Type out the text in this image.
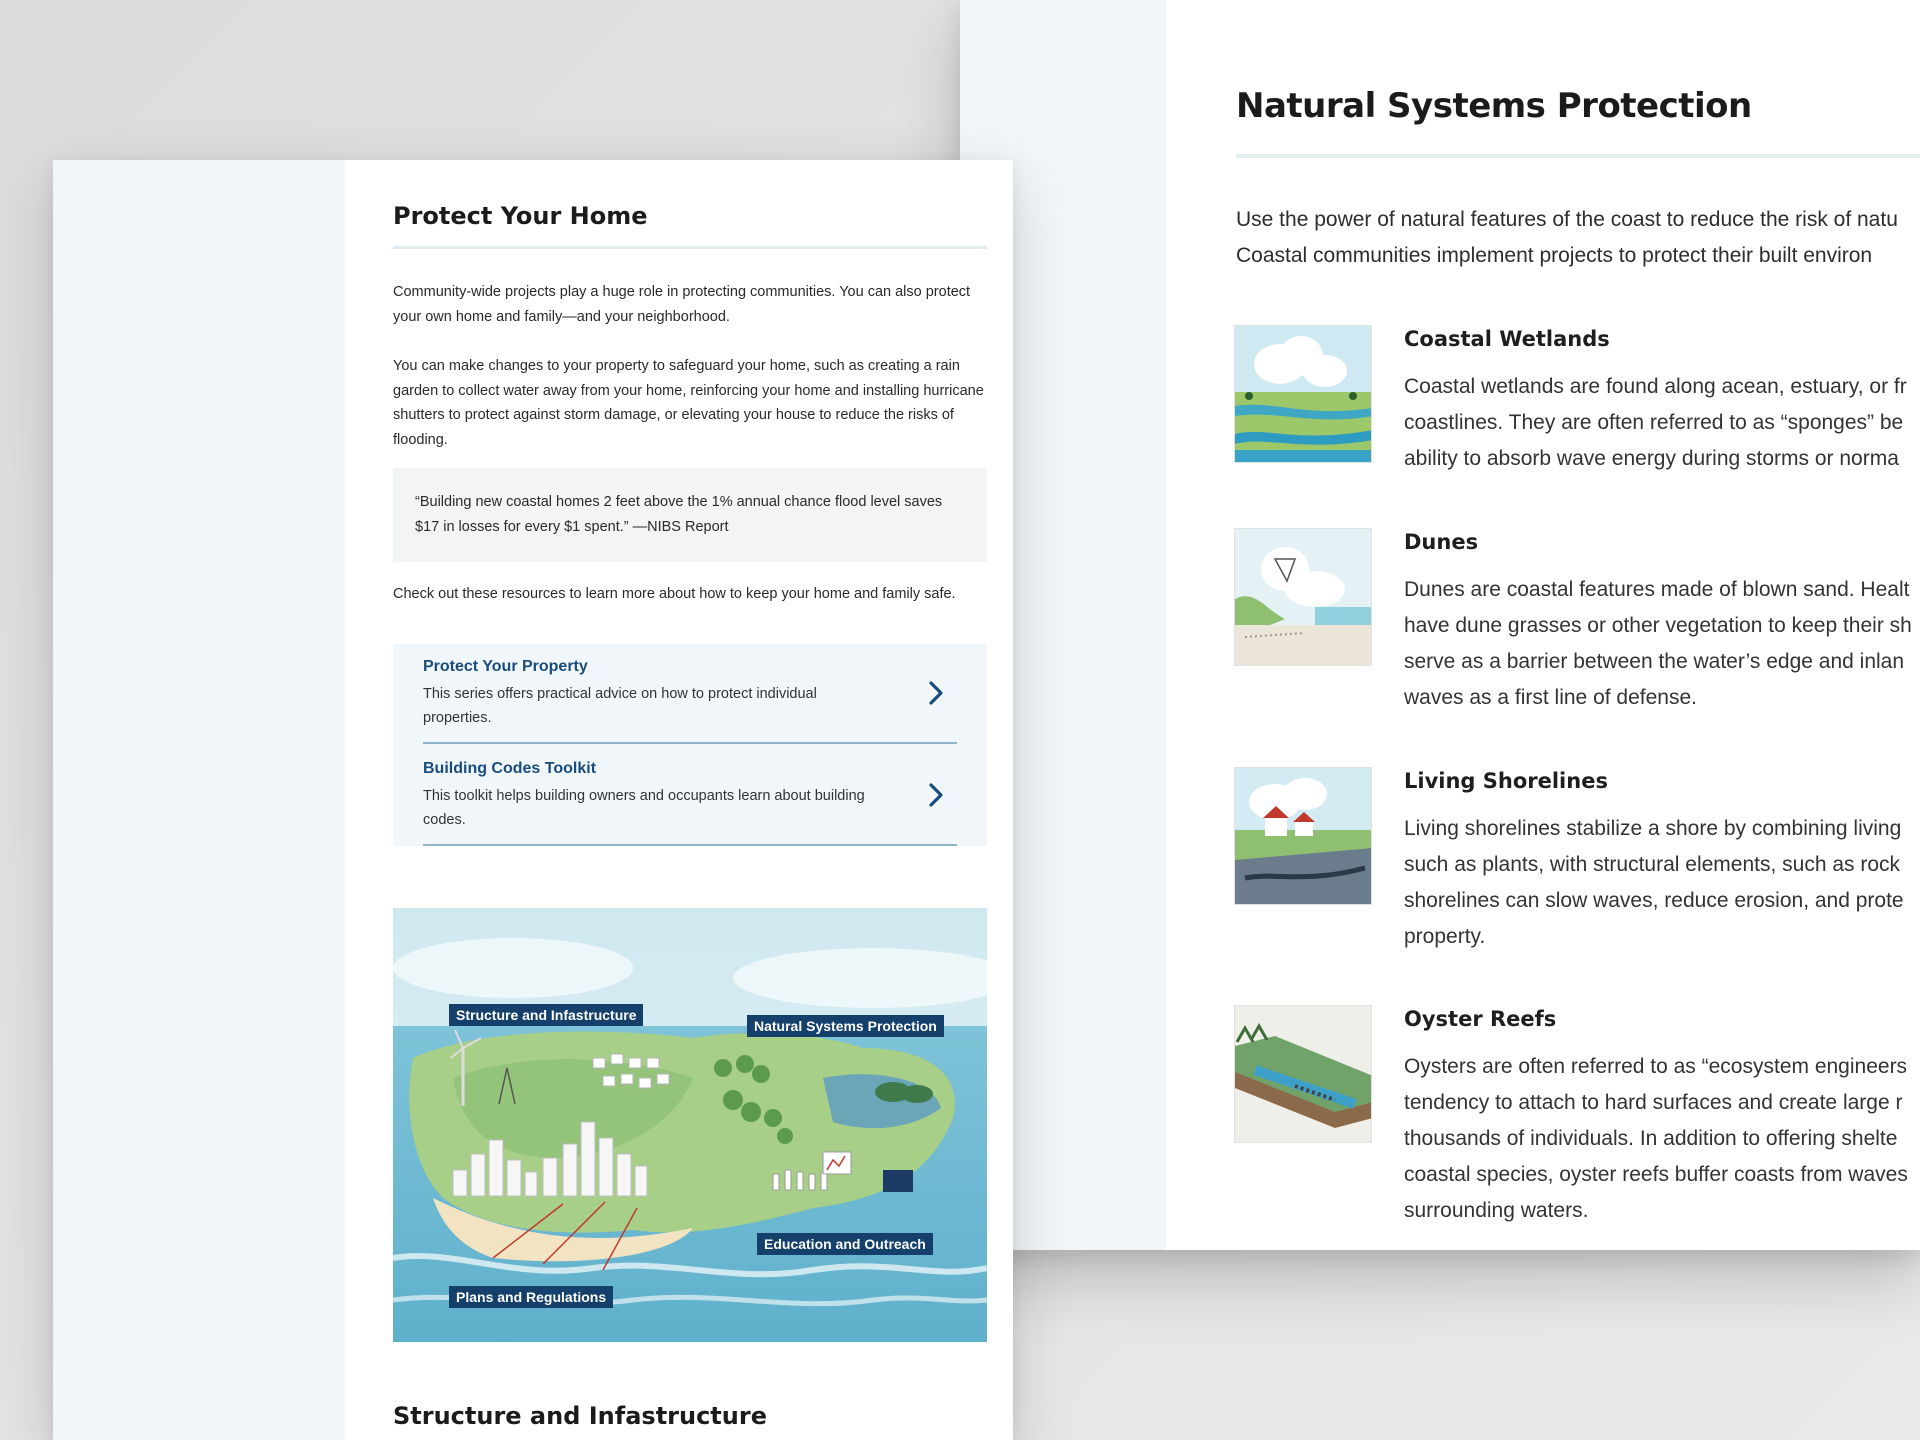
Natural Systems Protection
Use the power of natural features of the coast to reduce the risk of natu
Coastal communities implement projects to protect their built environ
Coastal Wetlands
Coastal wetlands are found along acean, estuary, or fr
coastlines. They are often referred to as “sponges” be
ability to absorb wave energy during storms or norma
Dunes
Dunes are coastal features made of blown sand. Healt
have dune grasses or other vegetation to keep their sh
serve as a barrier between the water’s edge and inlan
waves as a first line of defense.
Living Shorelines
Living shorelines stabilize a shore by combining living
such as plants, with structural elements, such as rock
shorelines can slow waves, reduce erosion, and prote
property.
Oyster Reefs
Oysters are often referred to as “ecosystem engineers
tendency to attach to hard surfaces and create large r
thousands of individuals. In addition to offering shelte
coastal species, oyster reefs buffer coasts from waves
surrounding waters.
Protect Your Home

Community-wide projects play a huge role in protecting communities. You can also protect your own home and family—and your neighborhood.

You can make changes to your property to safeguard your home, such as creating a rain garden to collect water away from your home, reinforcing your home and installing hurricane shutters to protect against storm damage, or elevating your house to reduce the risks of flooding.

“Building new coastal homes 2 feet above the 1% annual chance flood level saves $17 in losses for every $1 spent.” —NIBS Report

Check out these resources to learn more about how to keep your home and family safe.

Protect Your Property
This series offers practical advice on how to protect individual properties.
Building Codes Toolkit
This toolkit helps building owners and occupants learn about building codes.
Structure and Infastructure
Natural Systems Protection
Education and Outreach
Plans and Regulations
Structure and Infastructure
